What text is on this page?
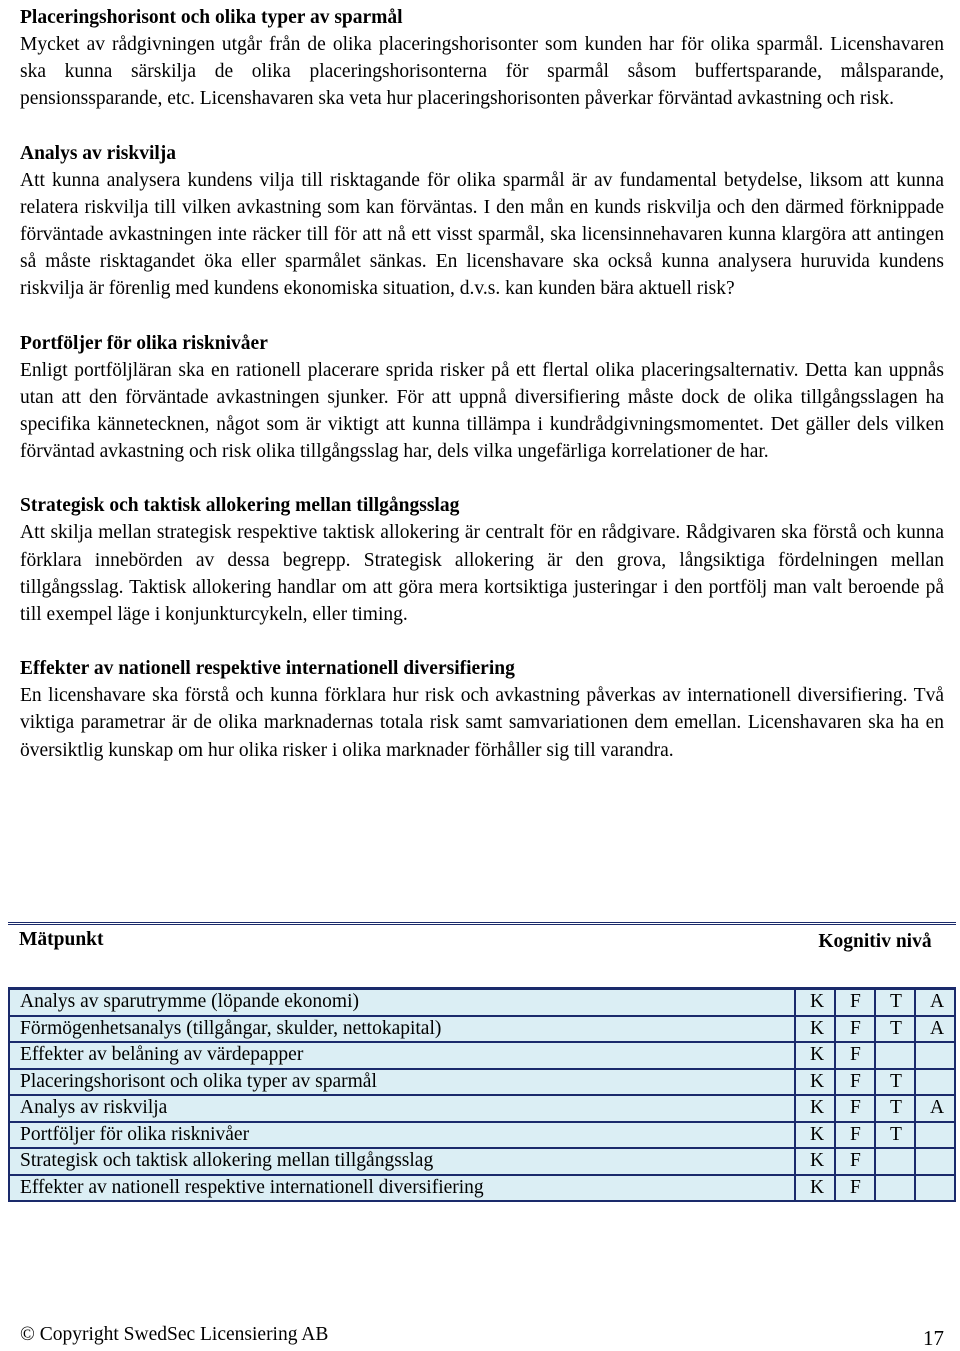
Placeringshorisont och olika typer av sparmål

Mycket av rådgivningen utgår från de olika placeringshorisonter som kunden har för olika sparmål. Licenshavaren ska kunna särskilja de olika placeringshorisonterna för sparmål såsom buffertsparande, målsparande, pensionssparande, etc. Licenshavaren ska veta hur placeringshorisonten påverkar förväntad avkastning och risk.

Analys av riskvilja

Att kunna analysera kundens vilja till risktagande för olika sparmål är av fundamental betydelse, liksom att kunna relatera riskvilja till vilken avkastning som kan förväntas. I den mån en kunds riskvilja och den därmed förknippade förväntade avkastningen inte räcker till för att nå ett visst sparmål, ska licensinnehavaren kunna klargöra att antingen så måste risktagandet öka eller sparmålet sänkas. En licenshavare ska också kunna analysera huruvida kundens riskvilja är förenlig med kundens ekonomiska situation, d.v.s. kan kunden bära aktuell risk?

Portföljer för olika risknivåer

Enligt portföljläran ska en rationell placerare sprida risker på ett flertal olika placeringsalternativ. Detta kan uppnås utan att den förväntade avkastningen sjunker. För att uppnå diversifiering måste dock de olika tillgångsslagen ha specifika kännetecknen, något som är viktigt att kunna tillämpa i kundrådgivningsmomentet. Det gäller dels vilken förväntad avkastning och risk olika tillgångsslag har, dels vilka ungefärliga korrelationer de har.

Strategisk och taktisk allokering mellan tillgångsslag

Att skilja mellan strategisk respektive taktisk allokering är centralt för en rådgivare. Rådgivaren ska förstå och kunna förklara innebörden av dessa begrepp. Strategisk allokering är den grova, långsiktiga fördelningen mellan tillgångsslag. Taktisk allokering handlar om att göra mera kortsiktiga justeringar i den portfölj man valt beroende på till exempel läge i konjunkturcykeln, eller timing.

Effekter av nationell respektive internationell diversifiering

En licenshavare ska förstå och kunna förklara hur risk och avkastning påverkas av internationell diversifiering. Två viktiga parametrar är de olika marknadernas totala risk samt samvariationen dem emellan. Licenshavaren ska ha en översiktlig kunskap om hur olika risker i olika marknader förhåller sig till varandra.

Mätpunkt	Kognitiv nivå			
Analys av sparutrymme (löpande ekonomi)	K	F	T	A
Förmögenhetsanalys (tillgångar, skulder, nettokapital)	K	F	T	A
Effekter av belåning av värdepapper	K	F		
Placeringshorisont och olika typer av sparmål	K	F	T	
Analys av riskvilja	K	F	T	A
Portföljer för olika risknivåer	K	F	T	
Strategisk och taktisk allokering mellan tillgångsslag	K	F		
Effekter av nationell respektive internationell diversifiering	K	F		
© Copyright SwedSec Licensiering AB	17
